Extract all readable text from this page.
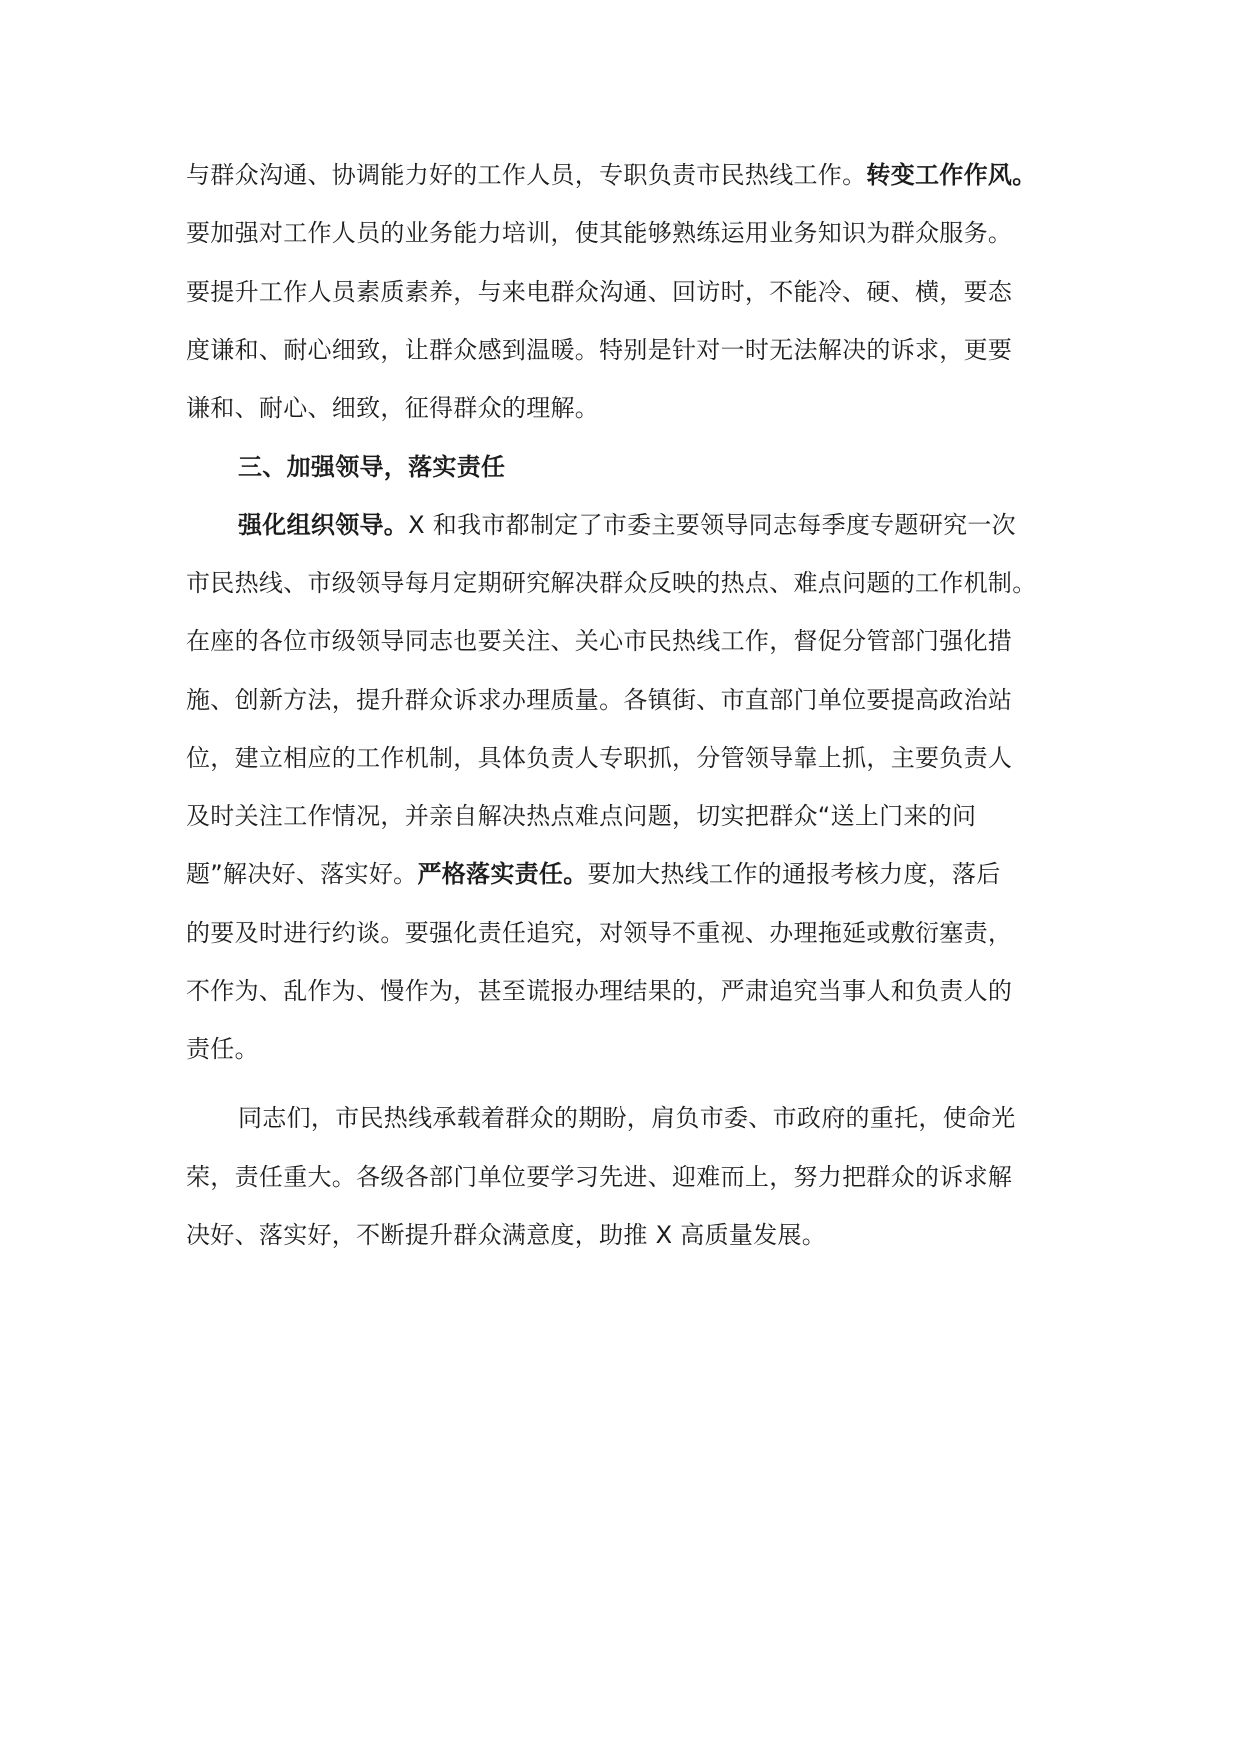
与群众沟通、协调能力好的工作人员，专职负责市民热线工作。转变工作作风。
要加强对工作人员的业务能力培训，使其能够熟练运用业务知识为群众服务。
要提升工作人员素质素养，与来电群众沟通、回访时，不能冷、硬、横，要态
度谦和、耐心细致，让群众感到温暖。特别是针对一时无法解决的诉求，更要
谦和、耐心、细致，征得群众的理解。
三、加强领导，落实责任
强化组织领导。X 和我市都制定了市委主要领导同志每季度专题研究一次
市民热线、市级领导每月定期研究解决群众反映的热点、难点问题的工作机制。
在座的各位市级领导同志也要关注、关心市民热线工作，督促分管部门强化措
施、创新方法，提升群众诉求办理质量。各镇街、市直部门单位要提高政治站
位，建立相应的工作机制，具体负责人专职抓，分管领导靠上抓，主要负责人
及时关注工作情况，并亲自解决热点难点问题，切实把群众“送上门来的问
题”解决好、落实好。严格落实责任。要加大热线工作的通报考核力度，落后
的要及时进行约谈。要强化责任追究，对领导不重视、办理拖延或敷衍塞责，
不作为、乱作为、慢作为，甚至谎报办理结果的，严肃追究当事人和负责人的
责任。
同志们，市民热线承载着群众的期盼，肩负市委、市政府的重托，使命光
荣，责任重大。各级各部门单位要学习先进、迎难而上，努力把群众的诉求解
决好、落实好，不断提升群众满意度，助推 X 高质量发展。
